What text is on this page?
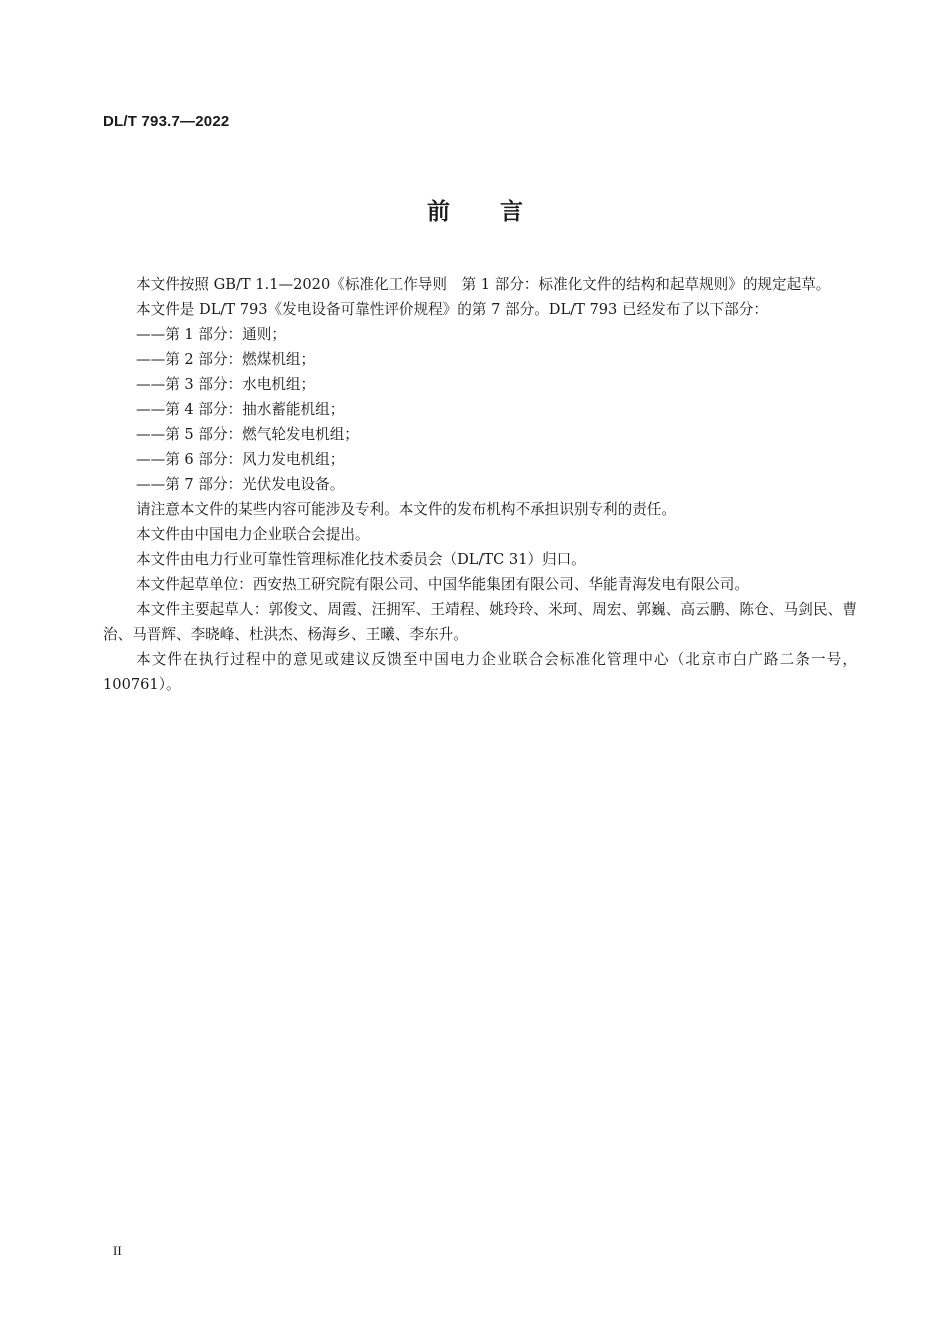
DL/T 793.7—2022
前言

本文件按照 GB/T 1.1—2020《标准化工作导则　第 1 部分：标准化文件的结构和起草规则》的规定起草。

本文件是 DL/T 793《发电设备可靠性评价规程》的第 7 部分。DL/T 793 已经发布了以下部分：

——第 1 部分：通则；

——第 2 部分：燃煤机组；

——第 3 部分：水电机组；

——第 4 部分：抽水蓄能机组；

——第 5 部分：燃气轮发电机组；

——第 6 部分：风力发电机组；

——第 7 部分：光伏发电设备。

请注意本文件的某些内容可能涉及专利。本文件的发布机构不承担识别专利的责任。

本文件由中国电力企业联合会提出。

本文件由电力行业可靠性管理标准化技术委员会（DL/TC 31）归口。

本文件起草单位：西安热工研究院有限公司、中国华能集团有限公司、华能青海发电有限公司。

本文件主要起草人：郭俊文、周霞、汪拥军、王靖程、姚玲玲、米珂、周宏、郭巍、高云鹏、陈仓、马剑民、曹治、马晋辉、李晓峰、杜洪杰、杨海乡、王曦、李东升。

本文件在执行过程中的意见或建议反馈至中国电力企业联合会标准化管理中心（北京市白广路二条一号，100761）。

II
